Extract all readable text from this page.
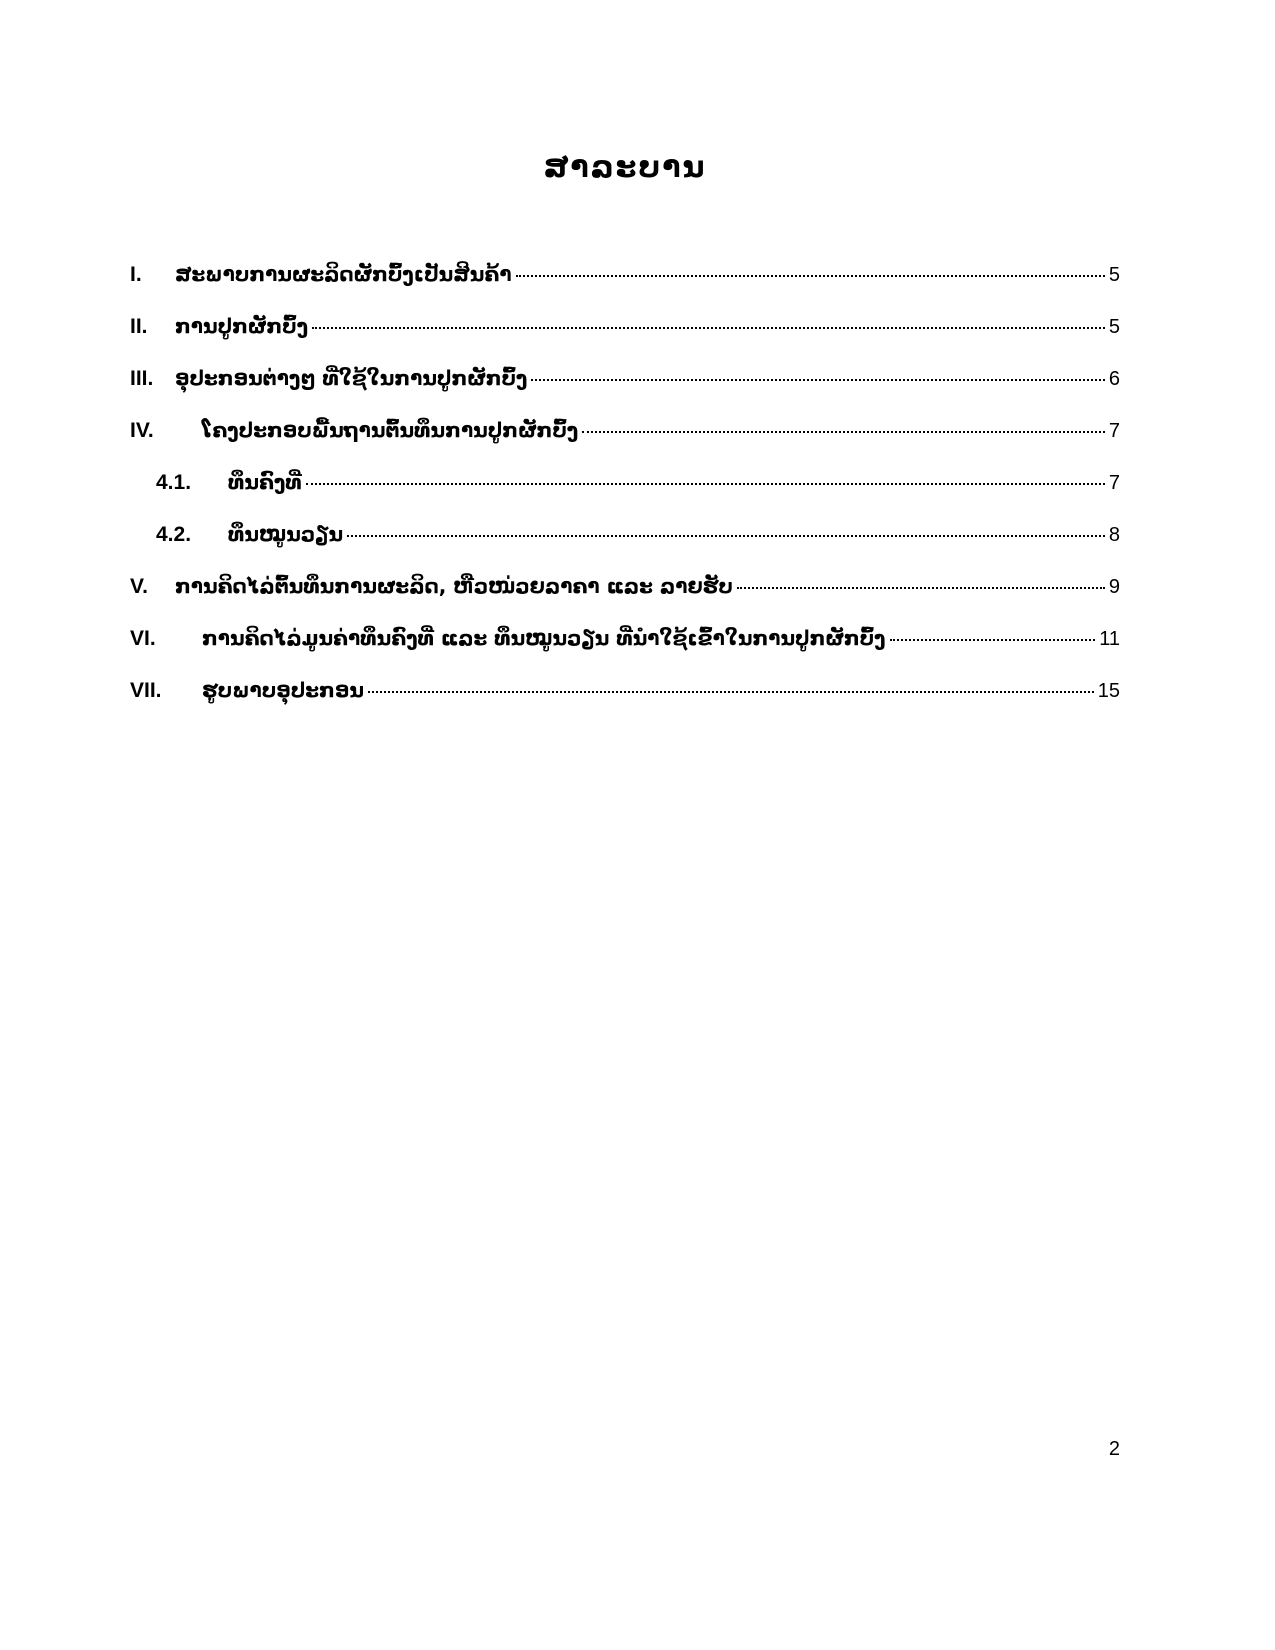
ສາລະບານ
I.	ສະພາບການຜະລິດຜັກບົ້ງເປັນສິນຄ້າ	5
II.	ການປູກຜັກບົ້ງ	5
III.	ອຸປະກອນຕ່າງໆ ທີ່ໃຊ້ໃນການປູກຜັກບົ້ງ	6
IV.	ໂຄງປະກອບພື້ນຖານຕົ້ນທຶນການປູກຜັກບົ້ງ	7
4.1.	ທຶນຄົງທີ່	7
4.2.	ທຶນໝູນວຽນ	8
V.	ການຄິດໄລ່ຕົ້ນທຶນການຜະລິດ, ຫືວໜ່ວຍລາຄາ ແລະ ລາຍຮັບ	9
VI.	ການຄິດໄລ່ມູນຄ່າທຶນຄົງທີ່ ແລະ ທຶນໝູນວຽນ ທີ່ນໍາໃຊ້ເຂົ້າໃນການປູກຜັກບົ້ງ	11
VII.	ຮູບພາບອຸປະກອນ	15
2
